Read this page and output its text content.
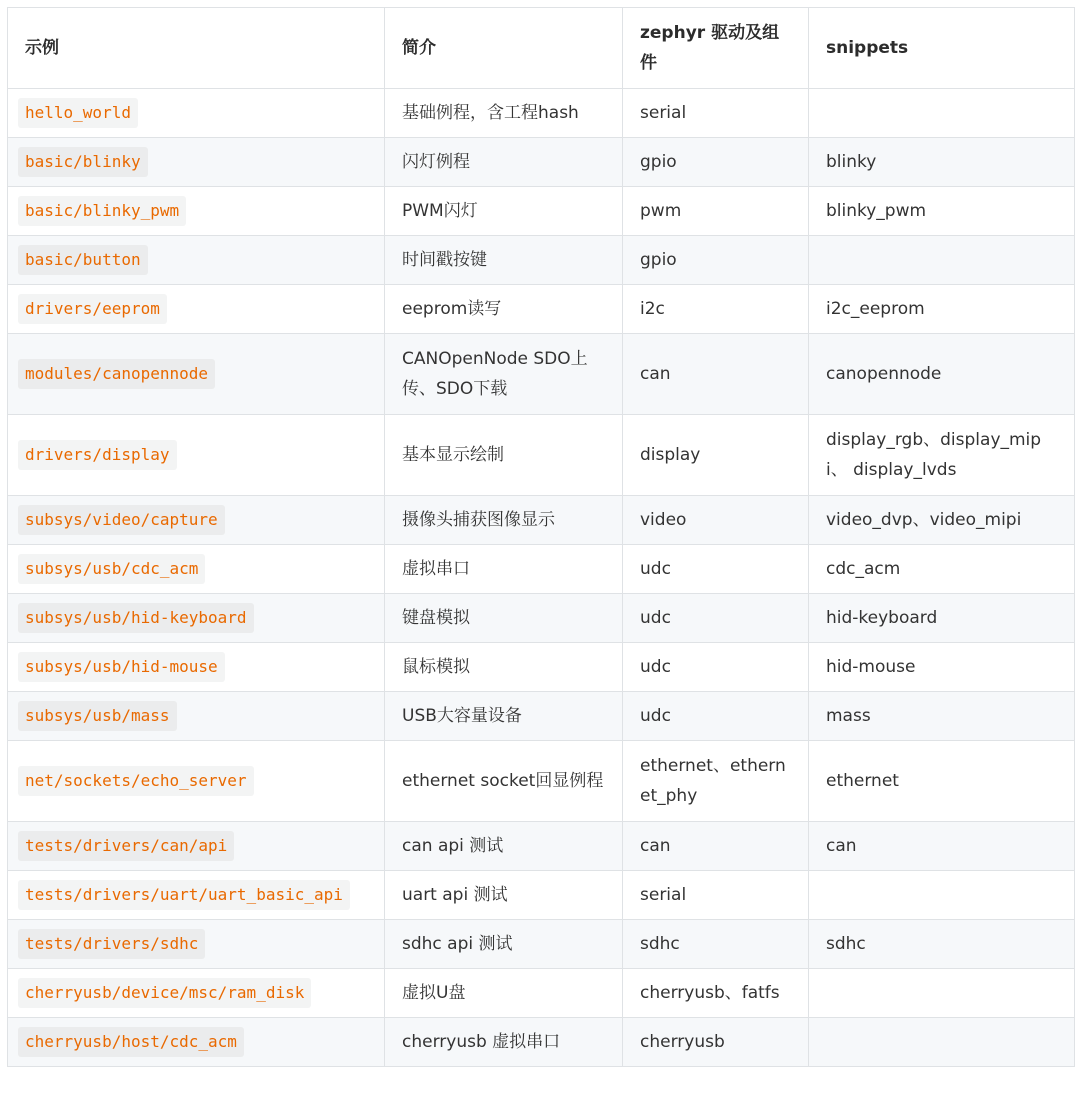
示例	简介	zephyr 驱动及组件	snippets
hello_world	基础例程，含工程hash	serial	
basic/blinky	闪灯例程	gpio	blinky
basic/blinky_pwm	PWM闪灯	pwm	blinky_pwm
basic/button	时间戳按键	gpio	
drivers/eeprom	eeprom读写	i2c	i2c_eeprom
modules/canopennode	CANOpenNode SDO上传、SDO下载	can	canopennode
drivers/display	基本显示绘制	display	display_rgb、display_mipi、 display_lvds
subsys/video/capture	摄像头捕获图像显示	video	video_dvp、video_mipi
subsys/usb/cdc_acm	虚拟串口	udc	cdc_acm
subsys/usb/hid-keyboard	键盘模拟	udc	hid-keyboard
subsys/usb/hid-mouse	鼠标模拟	udc	hid-mouse
subsys/usb/mass	USB大容量设备	udc	mass
net/sockets/echo_server	ethernet socket回显例程	ethernet、ethernet_phy	ethernet
tests/drivers/can/api	can api 测试	can	can
tests/drivers/uart/uart_basic_api	uart api 测试	serial	
tests/drivers/sdhc	sdhc api 测试	sdhc	sdhc
cherryusb/device/msc/ram_disk	虚拟U盘	cherryusb、fatfs	
cherryusb/host/cdc_acm	cherryusb 虚拟串口	cherryusb	
